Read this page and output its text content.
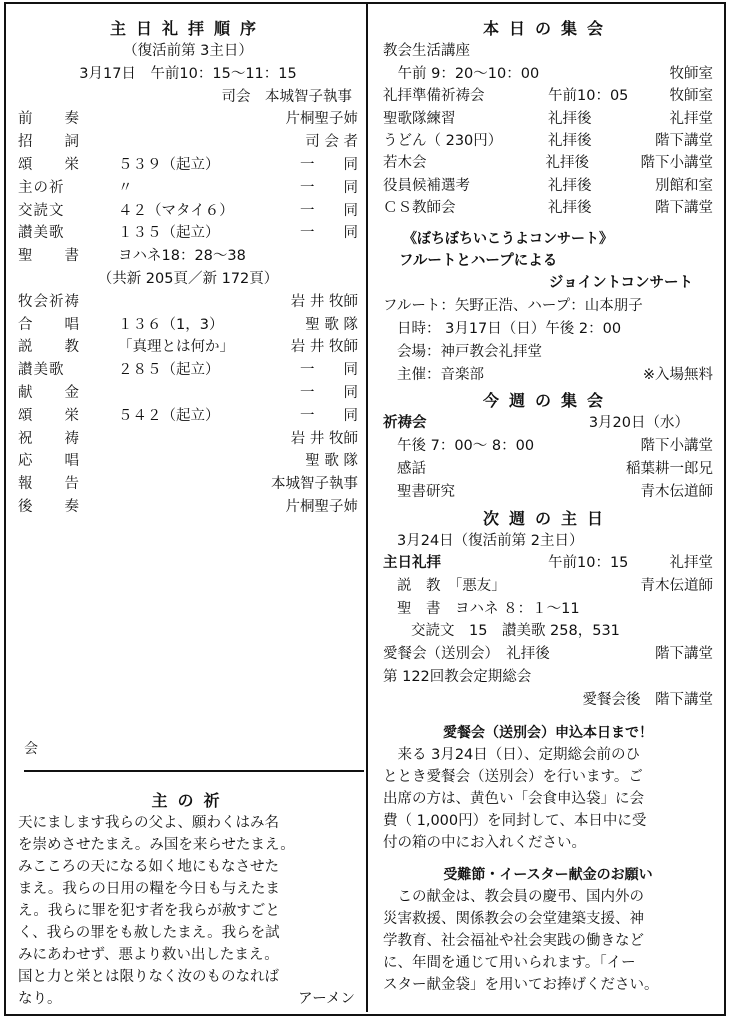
主日礼拝順序
（復活前第 3主日）
3月17日　午前10：15〜11：15
司会　本城智子執事
前　　奏	片桐聖子姉
招　　詞	司 会 者
頌　　栄	５３９（起立）	一　　同
主の祈	〃	一　　同
交読文	４２（マタイ６）	一　　同
讃美歌	１３５（起立）	一　　同
聖　　書	ヨハネ18：28〜38
（共新 205頁／新 172頁）
牧会祈祷	岩 井 牧師
合　　唱	１３６（1，3）	聖 歌 隊
説　　教	「真理とは何か」	岩 井 牧師
讃美歌	２８５（起立）	一　　同
献　　金	一　　同
頌　　栄	５４２（起立）	一　　同
祝　　祷	岩 井 牧師
応　　唱	聖 歌 隊
報　　告	本城智子執事
後　　奏	片桐聖子姉
会
主の祈
天にまします我らの父よ、願わくはみ名
を崇めさせたまえ。み国を来らせたまえ。
みこころの天になる如く地にもなさせた
まえ。我らの日用の糧を今日も与えたま
え。我らに罪を犯す者を我らが赦すごと
く、我らの罪をも赦したまえ。我らを試
みにあわせず、悪より救い出したまえ。
国と力と栄とは限りなく汝のものなれば
なり。	アーメン
本日の集会
教会生活講座
　午前 9：20〜10：00	牧師室
礼拝準備祈祷会	午前10：05	牧師室
聖歌隊練習	礼拝後	礼拝堂
うどん（ 230円）	礼拝後	階下講堂
若木会	礼拝後	階下小講堂
役員候補選考	礼拝後	別館和室
ＣＳ教師会	礼拝後	階下講堂
《ぼちぼちいこうよコンサート》
フルートとハープによる
ジョイントコンサート
フルート：矢野正浩、ハープ：山本朋子
日時： 3月17日（日）午後 2：00
会場：神戸教会礼拝堂
主催：音楽部	※入場無料
今週の集会
祈祷会	3月20日（水）
午後 7：00〜 8：00	階下小講堂
感話	稲葉耕一郎兄
聖書研究	青木伝道師
次週の主日
3月24日（復活前第 2主日）
主日礼拝	午前10：15	礼拝堂
説　教　「悪友」	青木伝道師
聖　書　ヨハネ ８：１〜11
交読文　15　讃美歌 258，531
愛餐会（送別会）　礼拝後	階下講堂
第 122回教会定期総会
愛餐会後　階下講堂
愛餐会（送別会）申込本日まで！
　来る 3月24日（日）、定期総会前のひ
ととき愛餐会（送別会）を行います。ご
出席の方は、黄色い「会食申込袋」に会
費（ 1,000円）を同封して、本日中に受
付の箱の中にお入れください。
受難節・イースター献金のお願い
　この献金は、教会員の慶弔、国内外の
災害救援、関係教会の会堂建築支援、神
学教育、社会福祉や社会実践の働きなど
に、年間を通じて用いられます。「イー
スター献金袋」を用いてお捧げください。
